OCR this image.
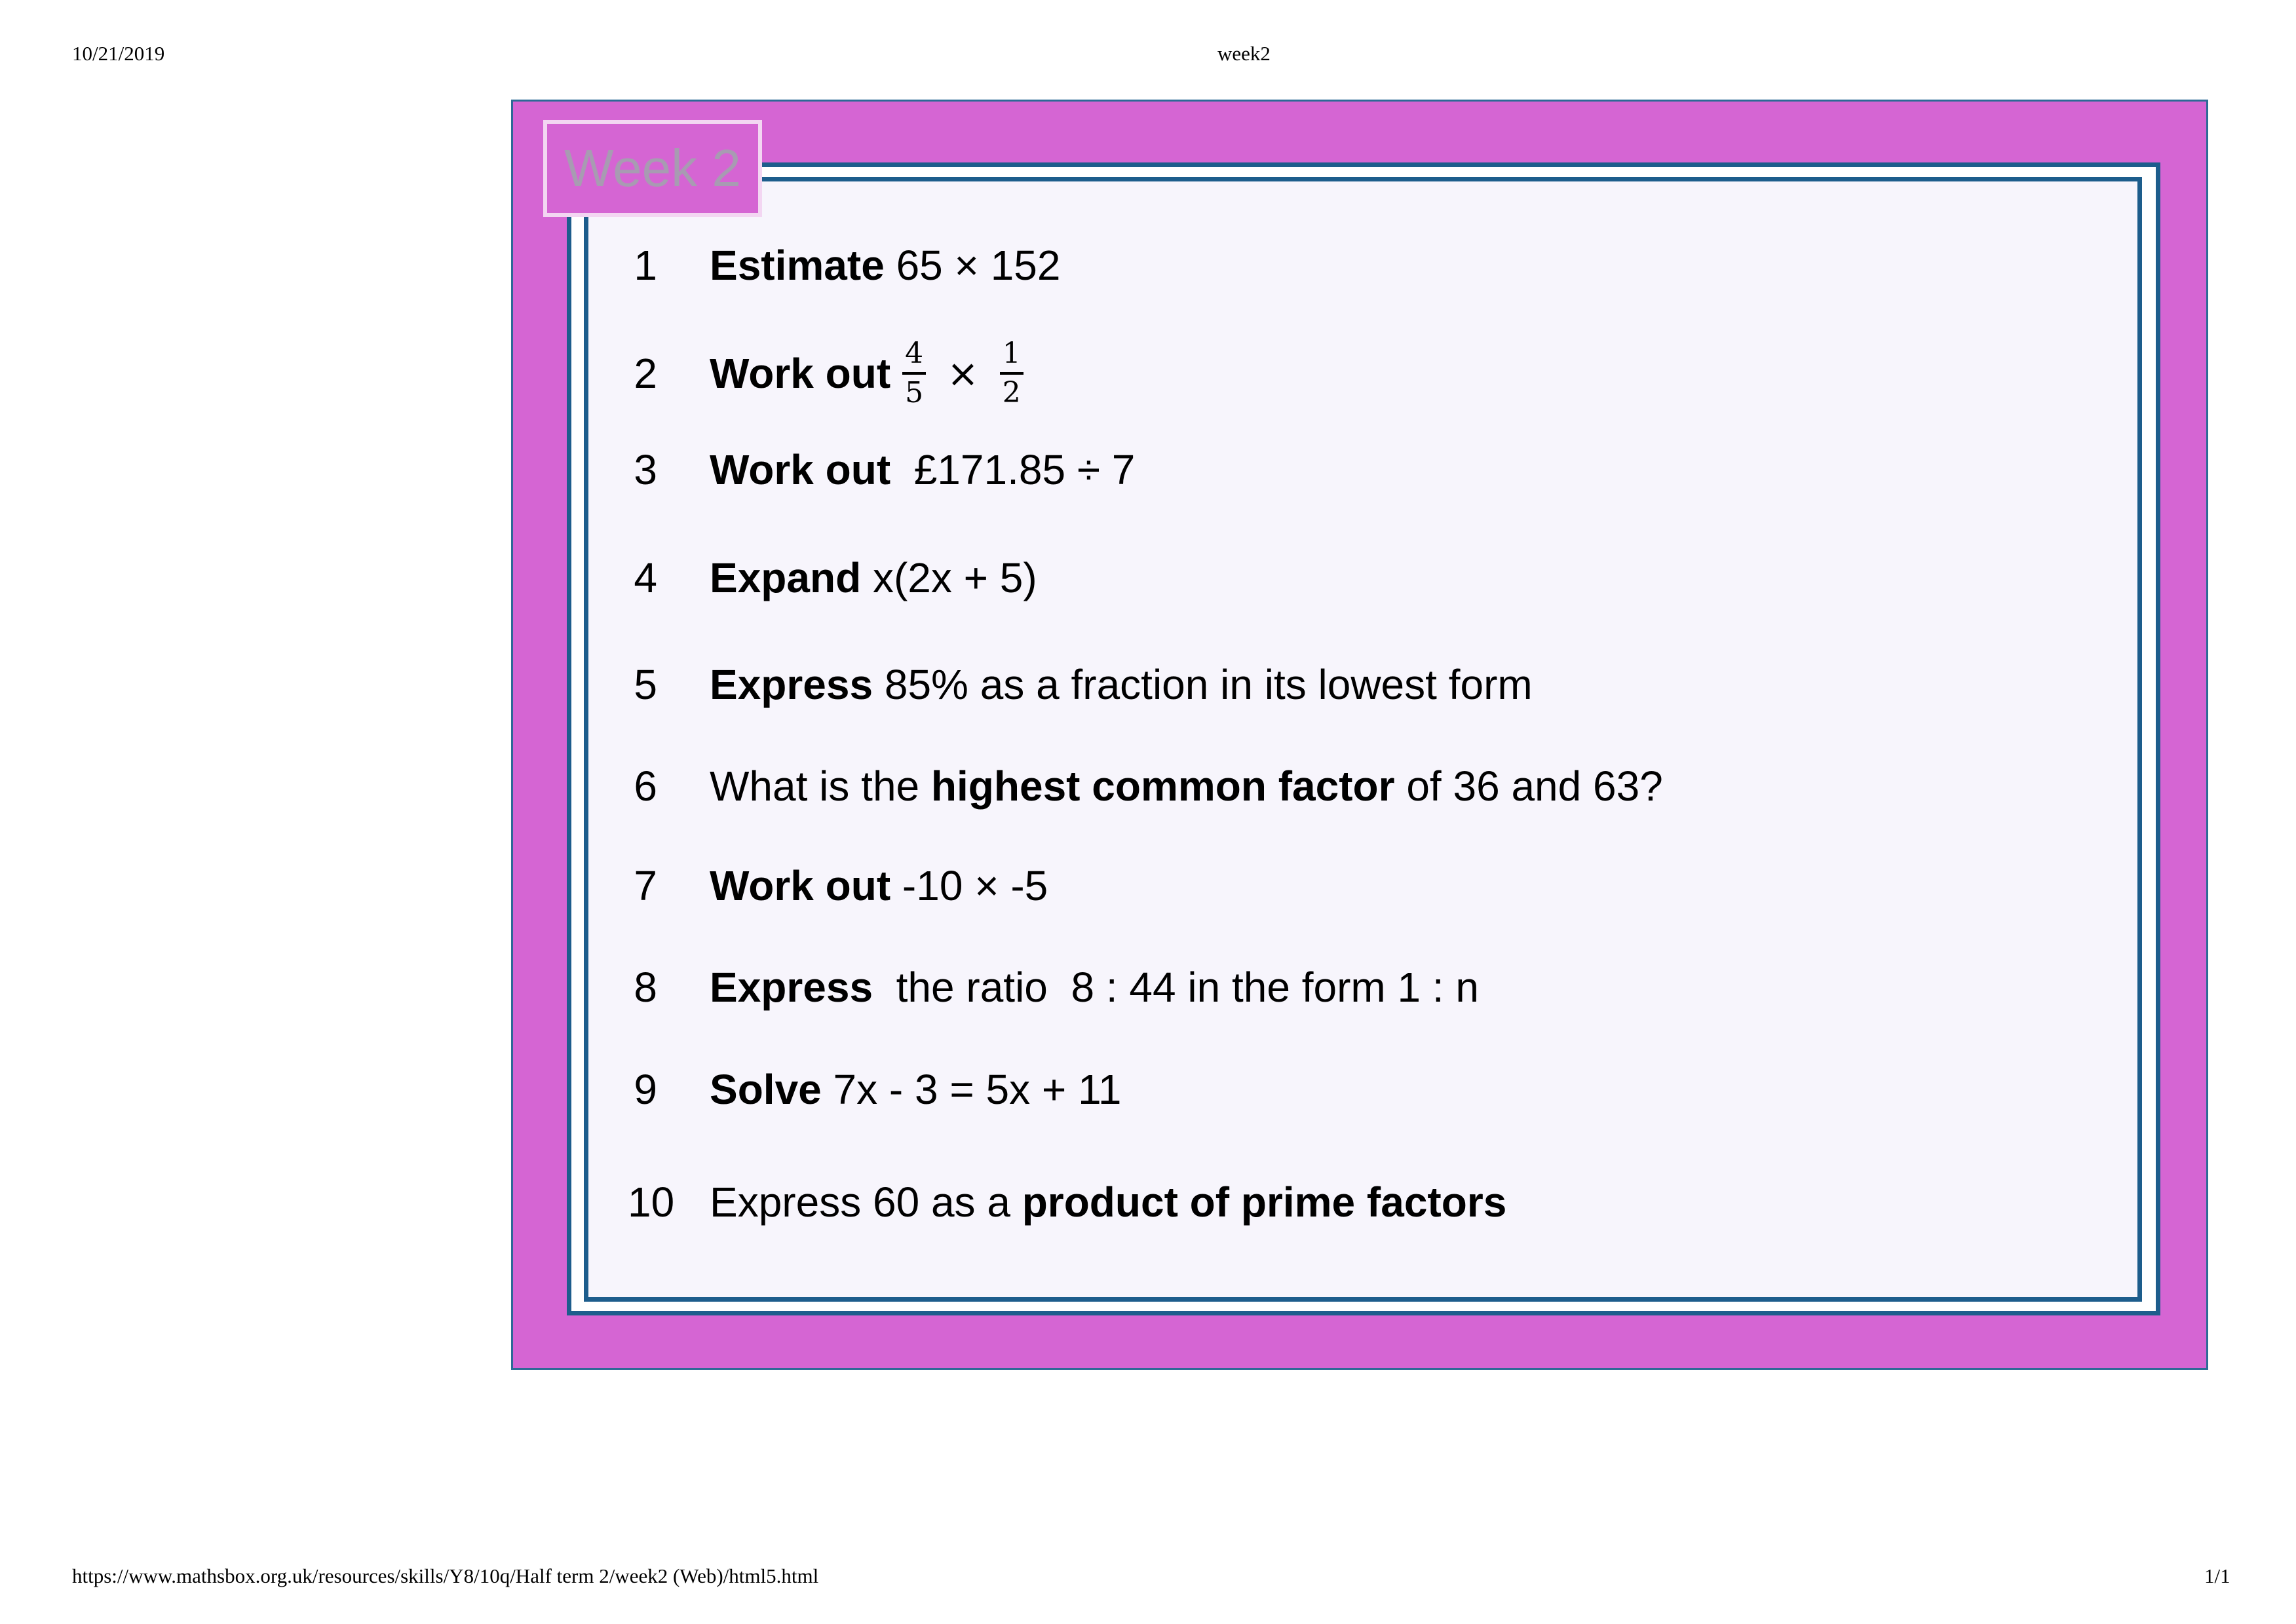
10/21/2019	week2
Week 2
1	Estimate 65 × 152
2	Work out $\frac{4}{5} \times \frac{1}{2}$
3	Work out £171.85 ÷ 7
4	Expand x(2x + 5)
5	Express 85% as a fraction in its lowest form
6	What is the highest common factor of 36 and 63?
7	Work out -10 × -5
8	Express the ratio  8 : 44 in the form 1 : n
9	Solve 7x - 3 = 5x + 11
10 Express 60 as a product of prime factors
https://www.mathsbox.org.uk/resources/skills/Y8/10q/Half term 2/week2 (Web)/html5.html	1/1
